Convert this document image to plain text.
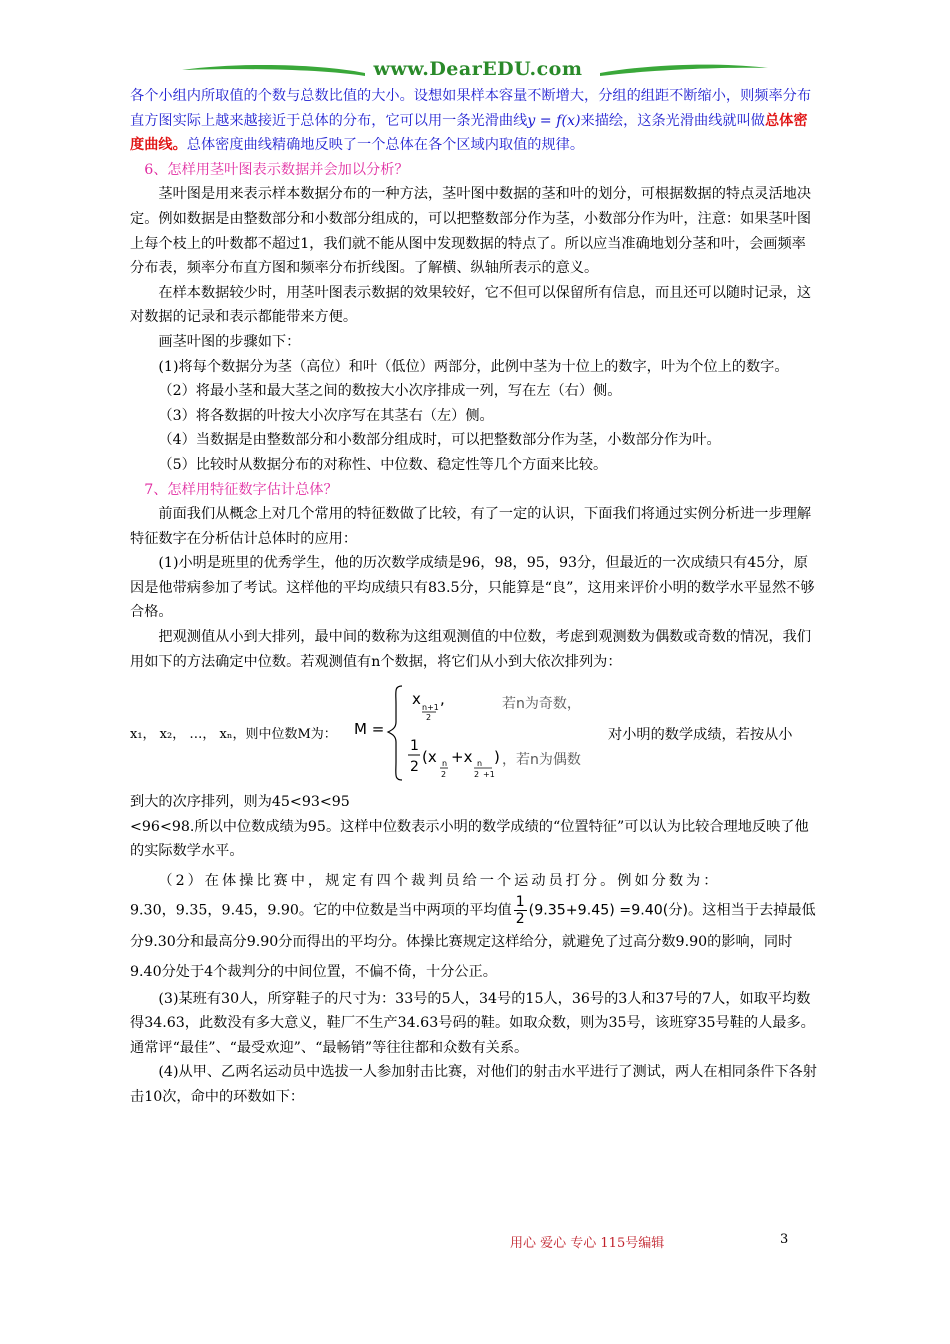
www.DearEDU.com

各个小组内所取值的个数与总数比值的大小。设想如果样本容量不断增大，分组的组距不断缩小，则频率分布直方图实际上越来越接近于总体的分布，它可以用一条光滑曲线y = f(x)来描绘，这条光滑曲线就叫做总体密度曲线。总体密度曲线精确地反映了一个总体在各个区域内取值的规律。

6、怎样用茎叶图表示数据并会加以分析？

茎叶图是用来表示样本数据分布的一种方法，茎叶图中数据的茎和叶的划分，可根据数据的特点灵活地决定。例如数据是由整数部分和小数部分组成的，可以把整数部分作为茎，小数部分作为叶，注意：如果茎叶图上每个枝上的叶数都不超过1，我们就不能从图中发现数据的特点了。所以应当准确地划分茎和叶，会画频率分布表，频率分布直方图和频率分布折线图。了解横、纵轴所表示的意义。

在样本数据较少时，用茎叶图表示数据的效果较好，它不但可以保留所有信息，而且还可以随时记录，这对数据的记录和表示都能带来方便。

画茎叶图的步骤如下：

(1)将每个数据分为茎（高位）和叶（低位）两部分，此例中茎为十位上的数字，叶为个位上的数字。

（2）将最小茎和最大茎之间的数按大小次序排成一列，写在左（右）侧。

（3）将各数据的叶按大小次序写在其茎右（左）侧。

（4）当数据是由整数部分和小数部分组成时，可以把整数部分作为茎，小数部分作为叶。

（5）比较时从数据分布的对称性、中位数、稳定性等几个方面来比较。

7、怎样用特征数字估计总体？

前面我们从概念上对几个常用的特征数做了比较，有了一定的认识，下面我们将通过实例分析进一步理解特征数字在分析估计总体时的应用：

(1)小明是班里的优秀学生，他的历次数学成绩是96，98，95，93分，但最近的一次成绩只有45分，原因是他带病参加了考试。这样他的平均成绩只有83.5分，只能算是“良”，这用来评价小明的数学水平显然不够合格。

把观测值从小到大排列，最中间的数称为这组观测值的中位数，考虑到观测数为偶数或奇数的情况，我们用如下的方法确定中位数。若观测值有n个数据，将它们从小到大依次排列为：

x₁， x₂， …， xₙ，则中位数M为： M =
x n+1
2
,
1
2
(x n
2
+x n
2 +1
)
若n为奇数，
，若n为偶数
对小明的数学成绩，若按从小

到大的次序排列，则为45<93<95

<96<98.所以中位数成绩为95。这样中位数表示小明的数学成绩的“位置特征”可以认为比较合理地反映了他的实际数学水平。

（2）在体操比赛中，规定有四个裁判员给一个运动员打分。例如分数为：

9.30，9.35，9.45，9.90。它的中位数是当中两项的平均值 $\frac{1}{2} (9.35+9.45) =9.40$(分)。这相当于去掉最低分9.30分和最高分9.90分而得出的平均分。体操比赛规定这样给分，就避免了过高分数9.90的影响，同时9.40分处于4个裁判分的中间位置，不偏不倚，十分公正。

(3)某班有30人，所穿鞋子的尺寸为：33号的5人，34号的15人，36号的3人和37号的7人，如取平均数得34.63，此数没有多大意义，鞋厂不生产34.63号码的鞋。如取众数，则为35号，该班穿35号鞋的人最多。通常评“最佳”、“最受欢迎”、“最畅销”等往往都和众数有关系。

(4)从甲、乙两名运动员中选拔一人参加射击比赛，对他们的射击水平进行了测试，两人在相同条件下各射击10次，命中的环数如下：

用心 爱心 专心 115号编辑	3
